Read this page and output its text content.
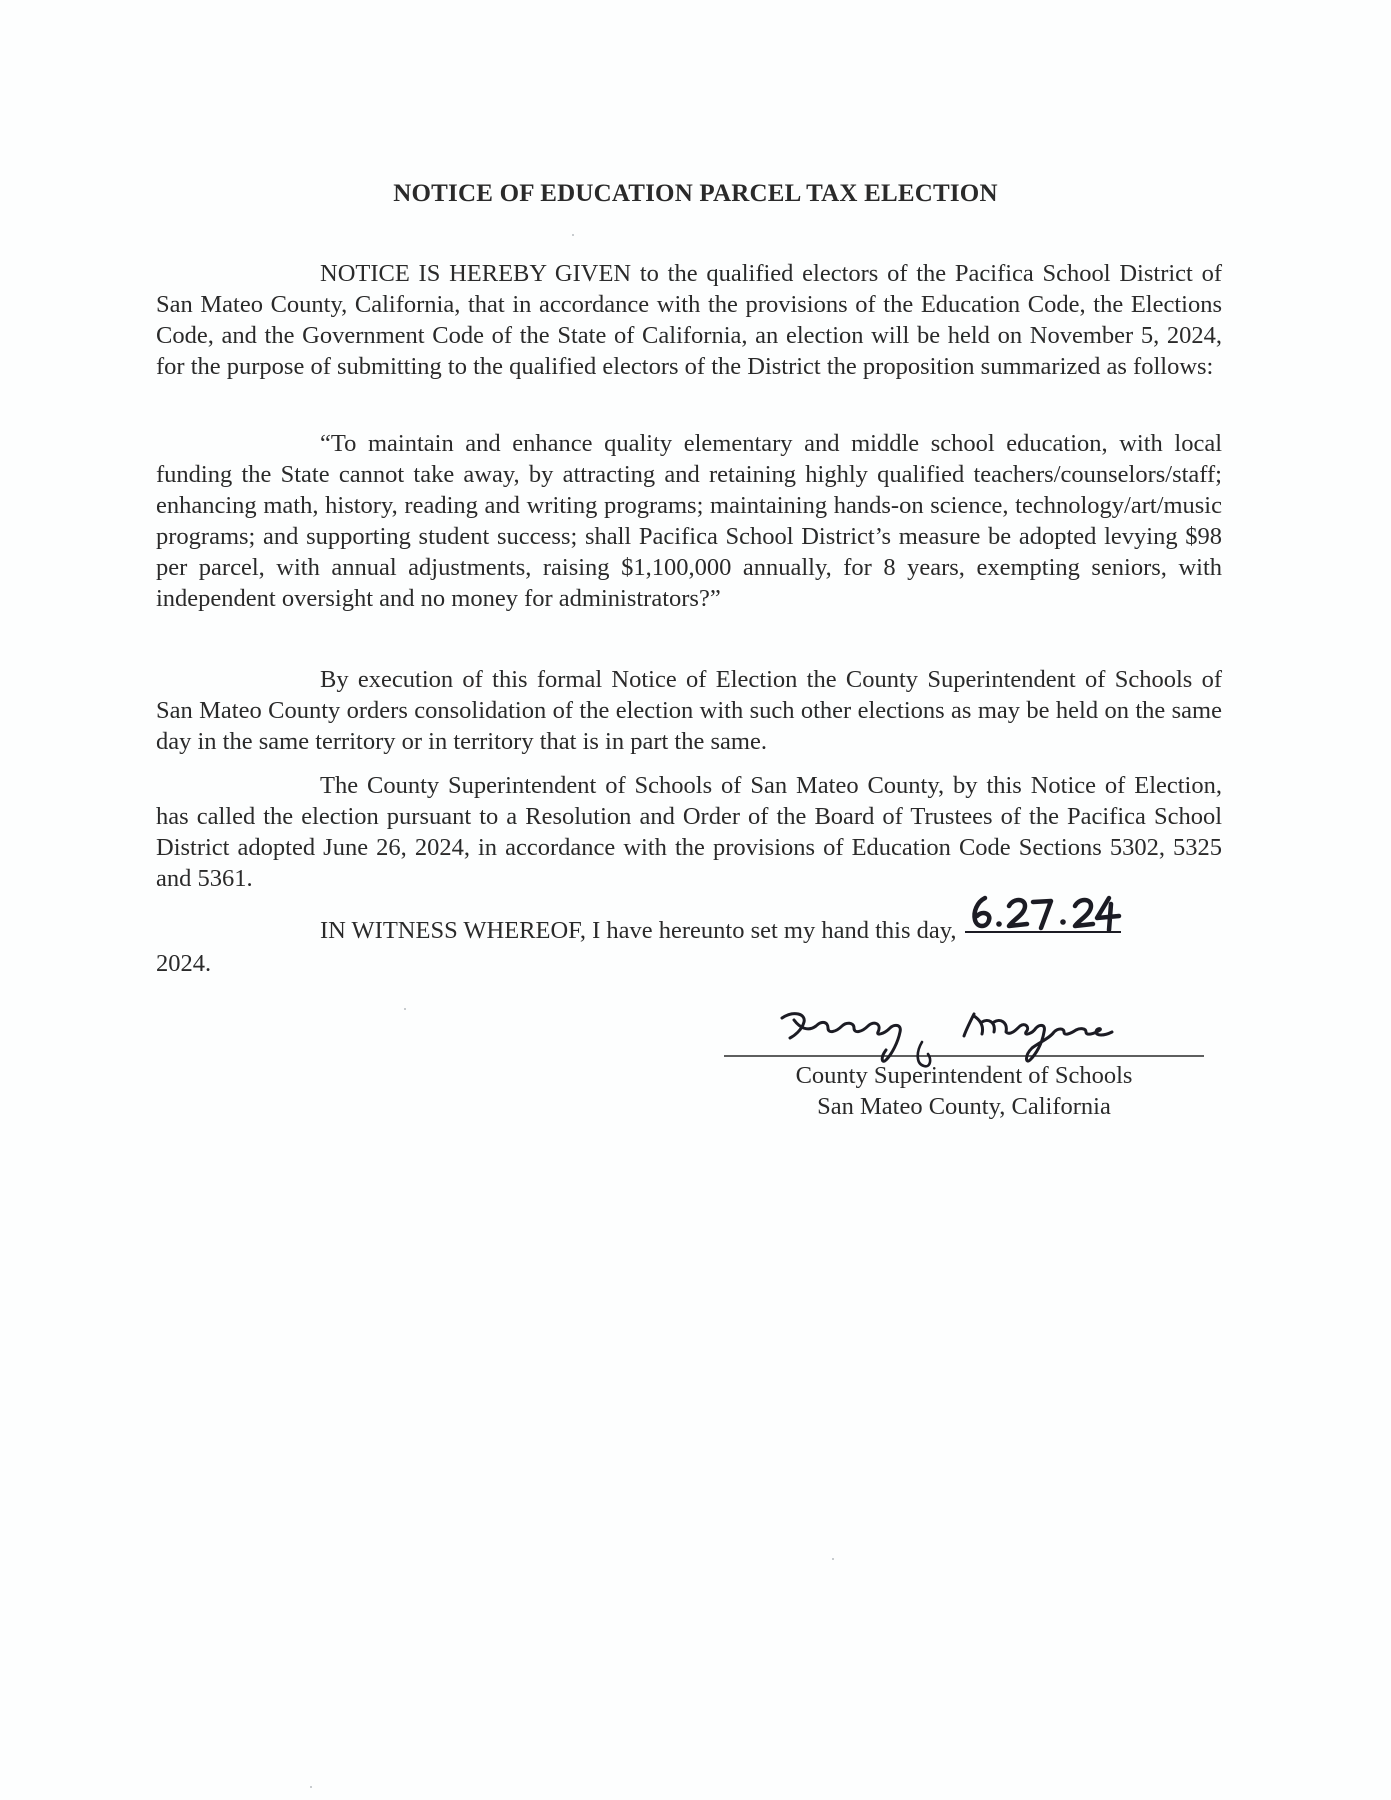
NOTICE OF EDUCATION PARCEL TAX ELECTION

NOTICE IS HEREBY GIVEN to the qualified electors of the Pacifica School District of San Mateo County, California, that in accordance with the provisions of the Education Code, the Elections Code, and the Government Code of the State of California, an election will be held on November 5, 2024, for the purpose of submitting to the qualified electors of the District the proposition summarized as follows:

“To maintain and enhance quality elementary and middle school education, with local funding the State cannot take away, by attracting and retaining highly qualified teachers/counselors/staff; enhancing math, history, reading and writing programs; maintaining hands-on science, technology/art/music programs; and supporting student success; shall Pacifica School District’s measure be adopted levying $98 per parcel, with annual adjustments, raising $1,100,000 annually, for 8 years, exempting seniors, with independent oversight and no money for administrators?”

By execution of this formal Notice of Election the County Superintendent of Schools of San Mateo County orders consolidation of the election with such other elections as may be held on the same day in the same territory or in territory that is in part the same.

The County Superintendent of Schools of San Mateo County, by this Notice of Election, has called the election pursuant to a Resolution and Order of the Board of Trustees of the Pacifica School District adopted June 26, 2024, in accordance with the provisions of Education Code Sections 5302, 5325 and 5361.

IN WITNESS WHEREOF, I have hereunto set my hand this day,
2024.
County Superintendent of Schools
San Mateo County, California
